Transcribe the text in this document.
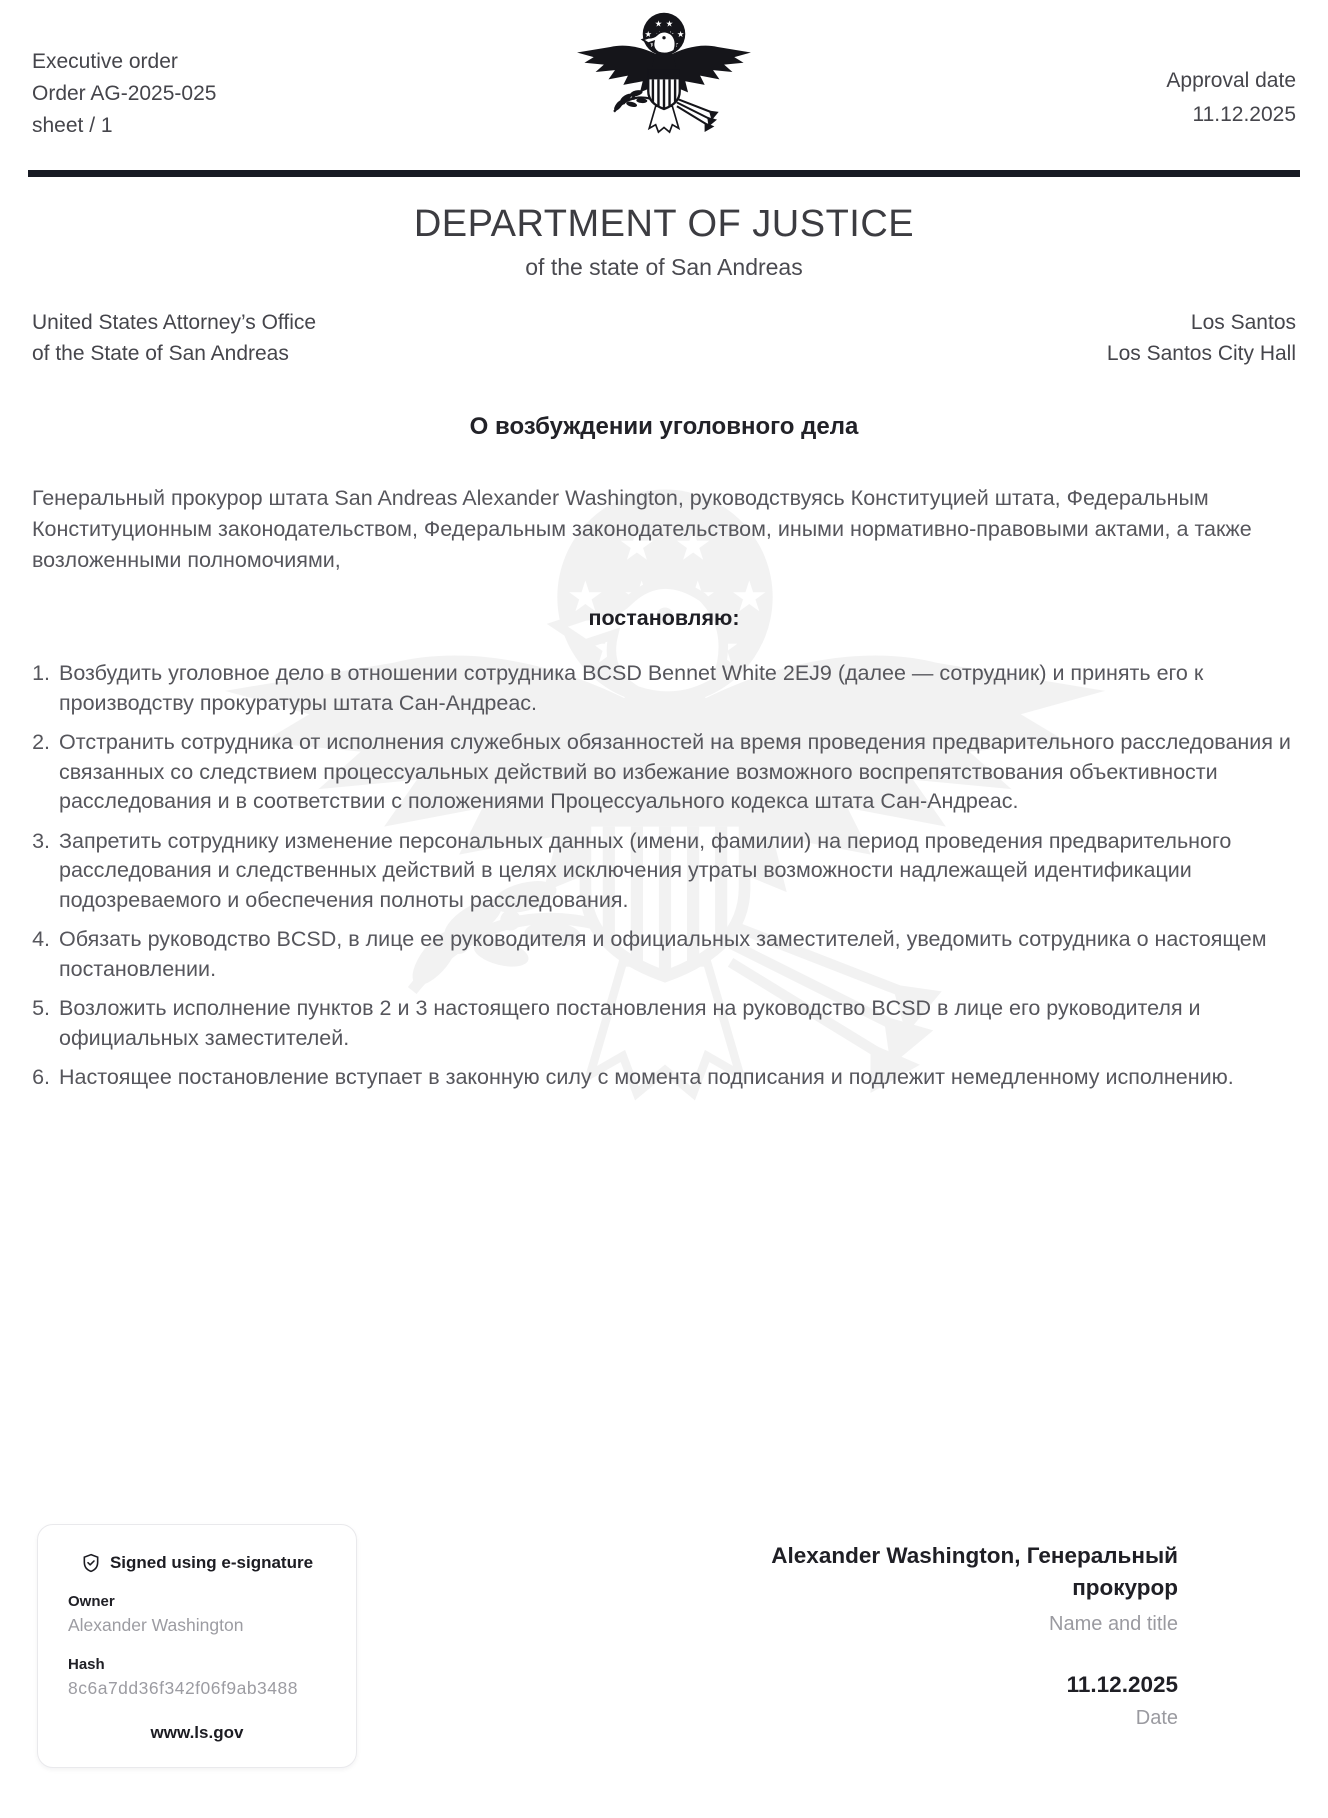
Executive order
Order AG-2025-025
sheet / 1
Approval date
11.12.2025
DEPARTMENT OF JUSTICE
of the state of San Andreas
United States Attorney’s Office
of the State of San Andreas
Los Santos
Los Santos City Hall
О возбуждении уголовного дела

Генеральный прокурор штата San Andreas Alexander Washington, руководствуясь Конституцией штата, Федеральным Конституционным законодательством, Федеральным законодательством, иными нормативно-правовыми актами, а также возложенными полномочиями,

постановляю:
1. Возбудить уголовное дело в отношении сотрудника BCSD Bennet White 2EJ9 (далее — сотрудник) и принять его к производству прокуратуры штата Сан-Андреас.
2. Отстранить сотрудника от исполнения служебных обязанностей на время проведения предварительного расследования и связанных со следствием процессуальных действий во избежание возможного воспрепятствования объективности расследования и в соответствии с положениями Процессуального кодекса штата Сан-Андреас.
3. Запретить сотруднику изменение персональных данных (имени, фамилии) на период проведения предварительного расследования и следственных действий в целях исключения утраты возможности надлежащей идентификации подозреваемого и обеспечения полноты расследования.
4. Обязать руководство BCSD, в лице ее руководителя и официальных заместителей, уведомить сотрудника о настоящем постановлении.
5. Возложить исполнение пунктов 2 и 3 настоящего постановления на руководство BCSD в лице его руководителя и официальных заместителей.
6. Настоящее постановление вступает в законную силу с момента подписания и подлежит немедленному исполнению.
Signed using e-signature
Owner
Alexander Washington
Hash
8c6a7dd36f342f06f9ab3488
www.ls.gov
Alexander Washington, Генеральный прокурор
Name and title
11.12.2025
Date
